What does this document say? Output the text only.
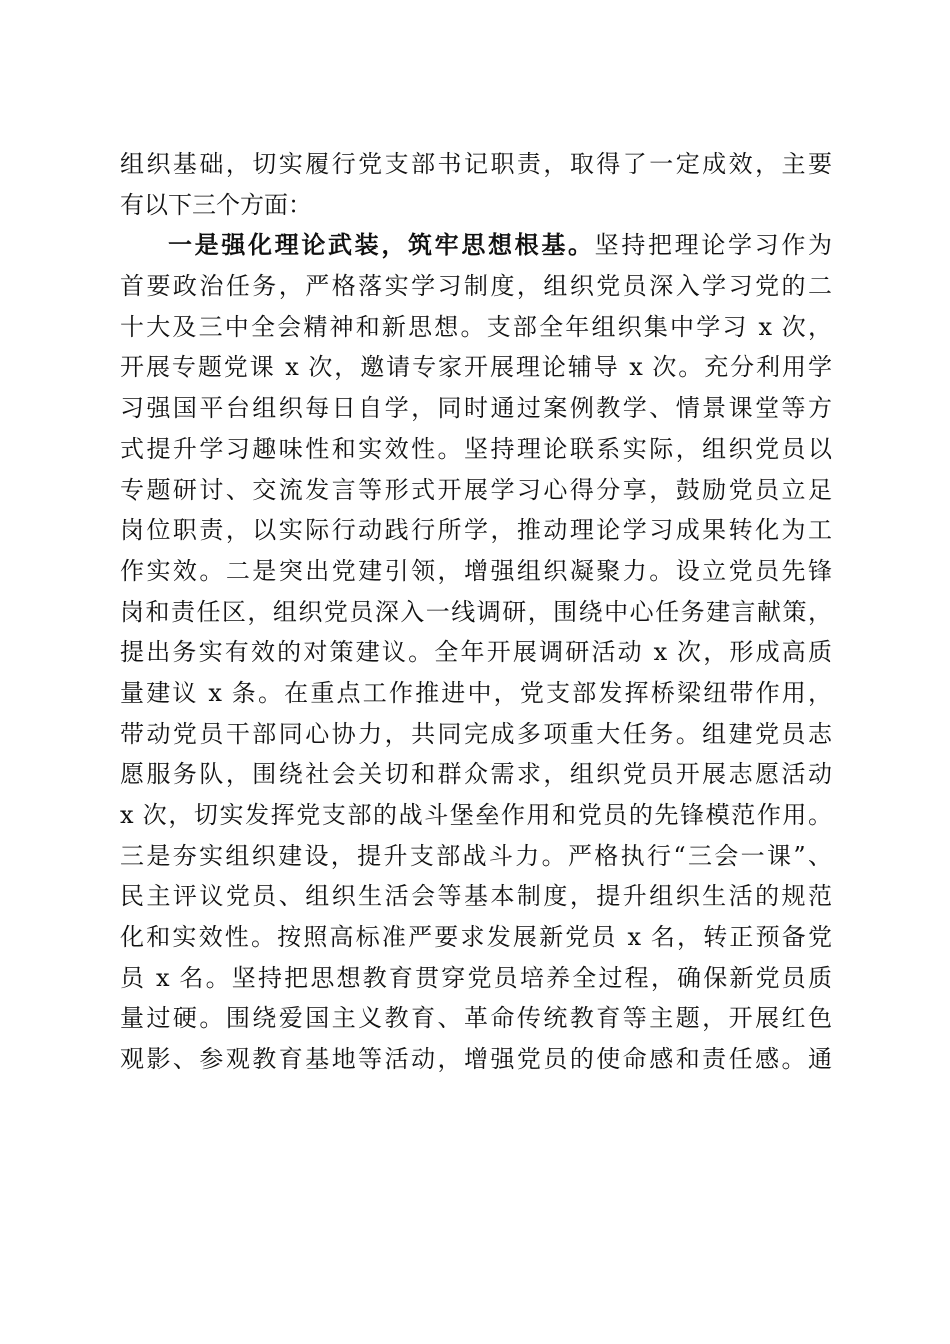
组织基础，切实履行党支部书记职责，取得了一定成效，主要
有以下三个方面：
一是强化理论武装，筑牢思想根基。坚持把理论学习作为
首要政治任务，严格落实学习制度，组织党员深入学习党的二
十大及三中全会精神和新思想。支部全年组织集中学习 x 次，
开展专题党课 x 次，邀请专家开展理论辅导 x 次。充分利用学
习强国平台组织每日自学，同时通过案例教学、情景课堂等方
式提升学习趣味性和实效性。坚持理论联系实际，组织党员以
专题研讨、交流发言等形式开展学习心得分享，鼓励党员立足
岗位职责，以实际行动践行所学，推动理论学习成果转化为工
作实效。二是突出党建引领，增强组织凝聚力。设立党员先锋
岗和责任区，组织党员深入一线调研，围绕中心任务建言献策，
提出务实有效的对策建议。全年开展调研活动 x 次，形成高质
量建议 x 条。在重点工作推进中，党支部发挥桥梁纽带作用，
带动党员干部同心协力，共同完成多项重大任务。组建党员志
愿服务队，围绕社会关切和群众需求，组织党员开展志愿活动
x 次，切实发挥党支部的战斗堡垒作用和党员的先锋模范作用。
三是夯实组织建设，提升支部战斗力。严格执行“三会一课”、
民主评议党员、组织生活会等基本制度，提升组织生活的规范
化和实效性。按照高标准严要求发展新党员 x 名，转正预备党
员 x 名。坚持把思想教育贯穿党员培养全过程，确保新党员质
量过硬。围绕爱国主义教育、革命传统教育等主题，开展红色
观影、参观教育基地等活动，增强党员的使命感和责任感。通
